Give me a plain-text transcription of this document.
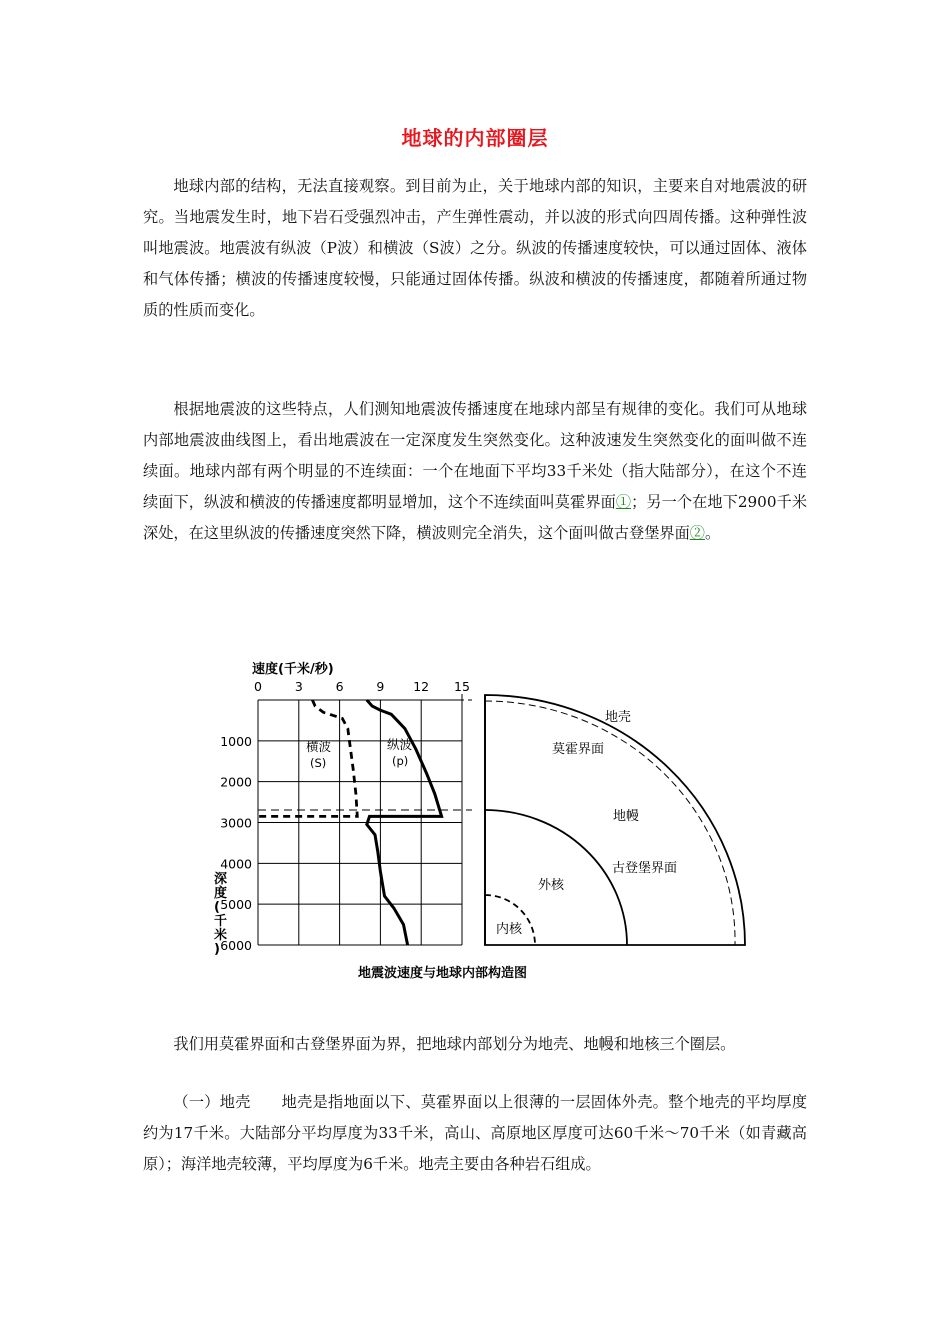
地球的内部圈层

地球内部的结构，无法直接观察。到目前为止，关于地球内部的知识，主要来自对地震波的研究。当地震发生时，地下岩石受强烈冲击，产生弹性震动，并以波的形式向四周传播。这种弹性波叫地震波。地震波有纵波（P波）和横波（S波）之分。纵波的传播速度较快，可以通过固体、液体和气体传播；横波的传播速度较慢，只能通过固体传播。纵波和横波的传播速度，都随着所通过物质的性质而变化。

根据地震波的这些特点，人们测知地震波传播速度在地球内部呈有规律的变化。我们可从地球内部地震波曲线图上，看出地震波在一定深度发生突然变化。这种波速发生突然变化的面叫做不连续面。地球内部有两个明显的不连续面：一个在地面下平均33千米处（指大陆部分），在这个不连续面下，纵波和横波的传播速度都明显增加，这个不连续面叫莫霍界面①；另一个在地下2900千米深处，在这里纵波的传播速度突然下降，横波则完全消失，这个面叫做古登堡界面②。

速度(千米/秒)
0	3	6	9 12 15
1000
2000
3000
4000
5000
6000
深度(千米)
横波
(S)
纵波
(p)
地壳
莫霍界面
地幔
外核
古登堡界面
内核
地震波速度与地球内部构造图

我们用莫霍界面和古登堡界面为界，把地球内部划分为地壳、地幔和地核三个圈层。

（一）地壳　　地壳是指地面以下、莫霍界面以上很薄的一层固体外壳。整个地壳的平均厚度约为17千米。大陆部分平均厚度为33千米，高山、高原地区厚度可达60千米～70千米（如青藏高原）；海洋地壳较薄，平均厚度为6千米。地壳主要由各种岩石组成。
